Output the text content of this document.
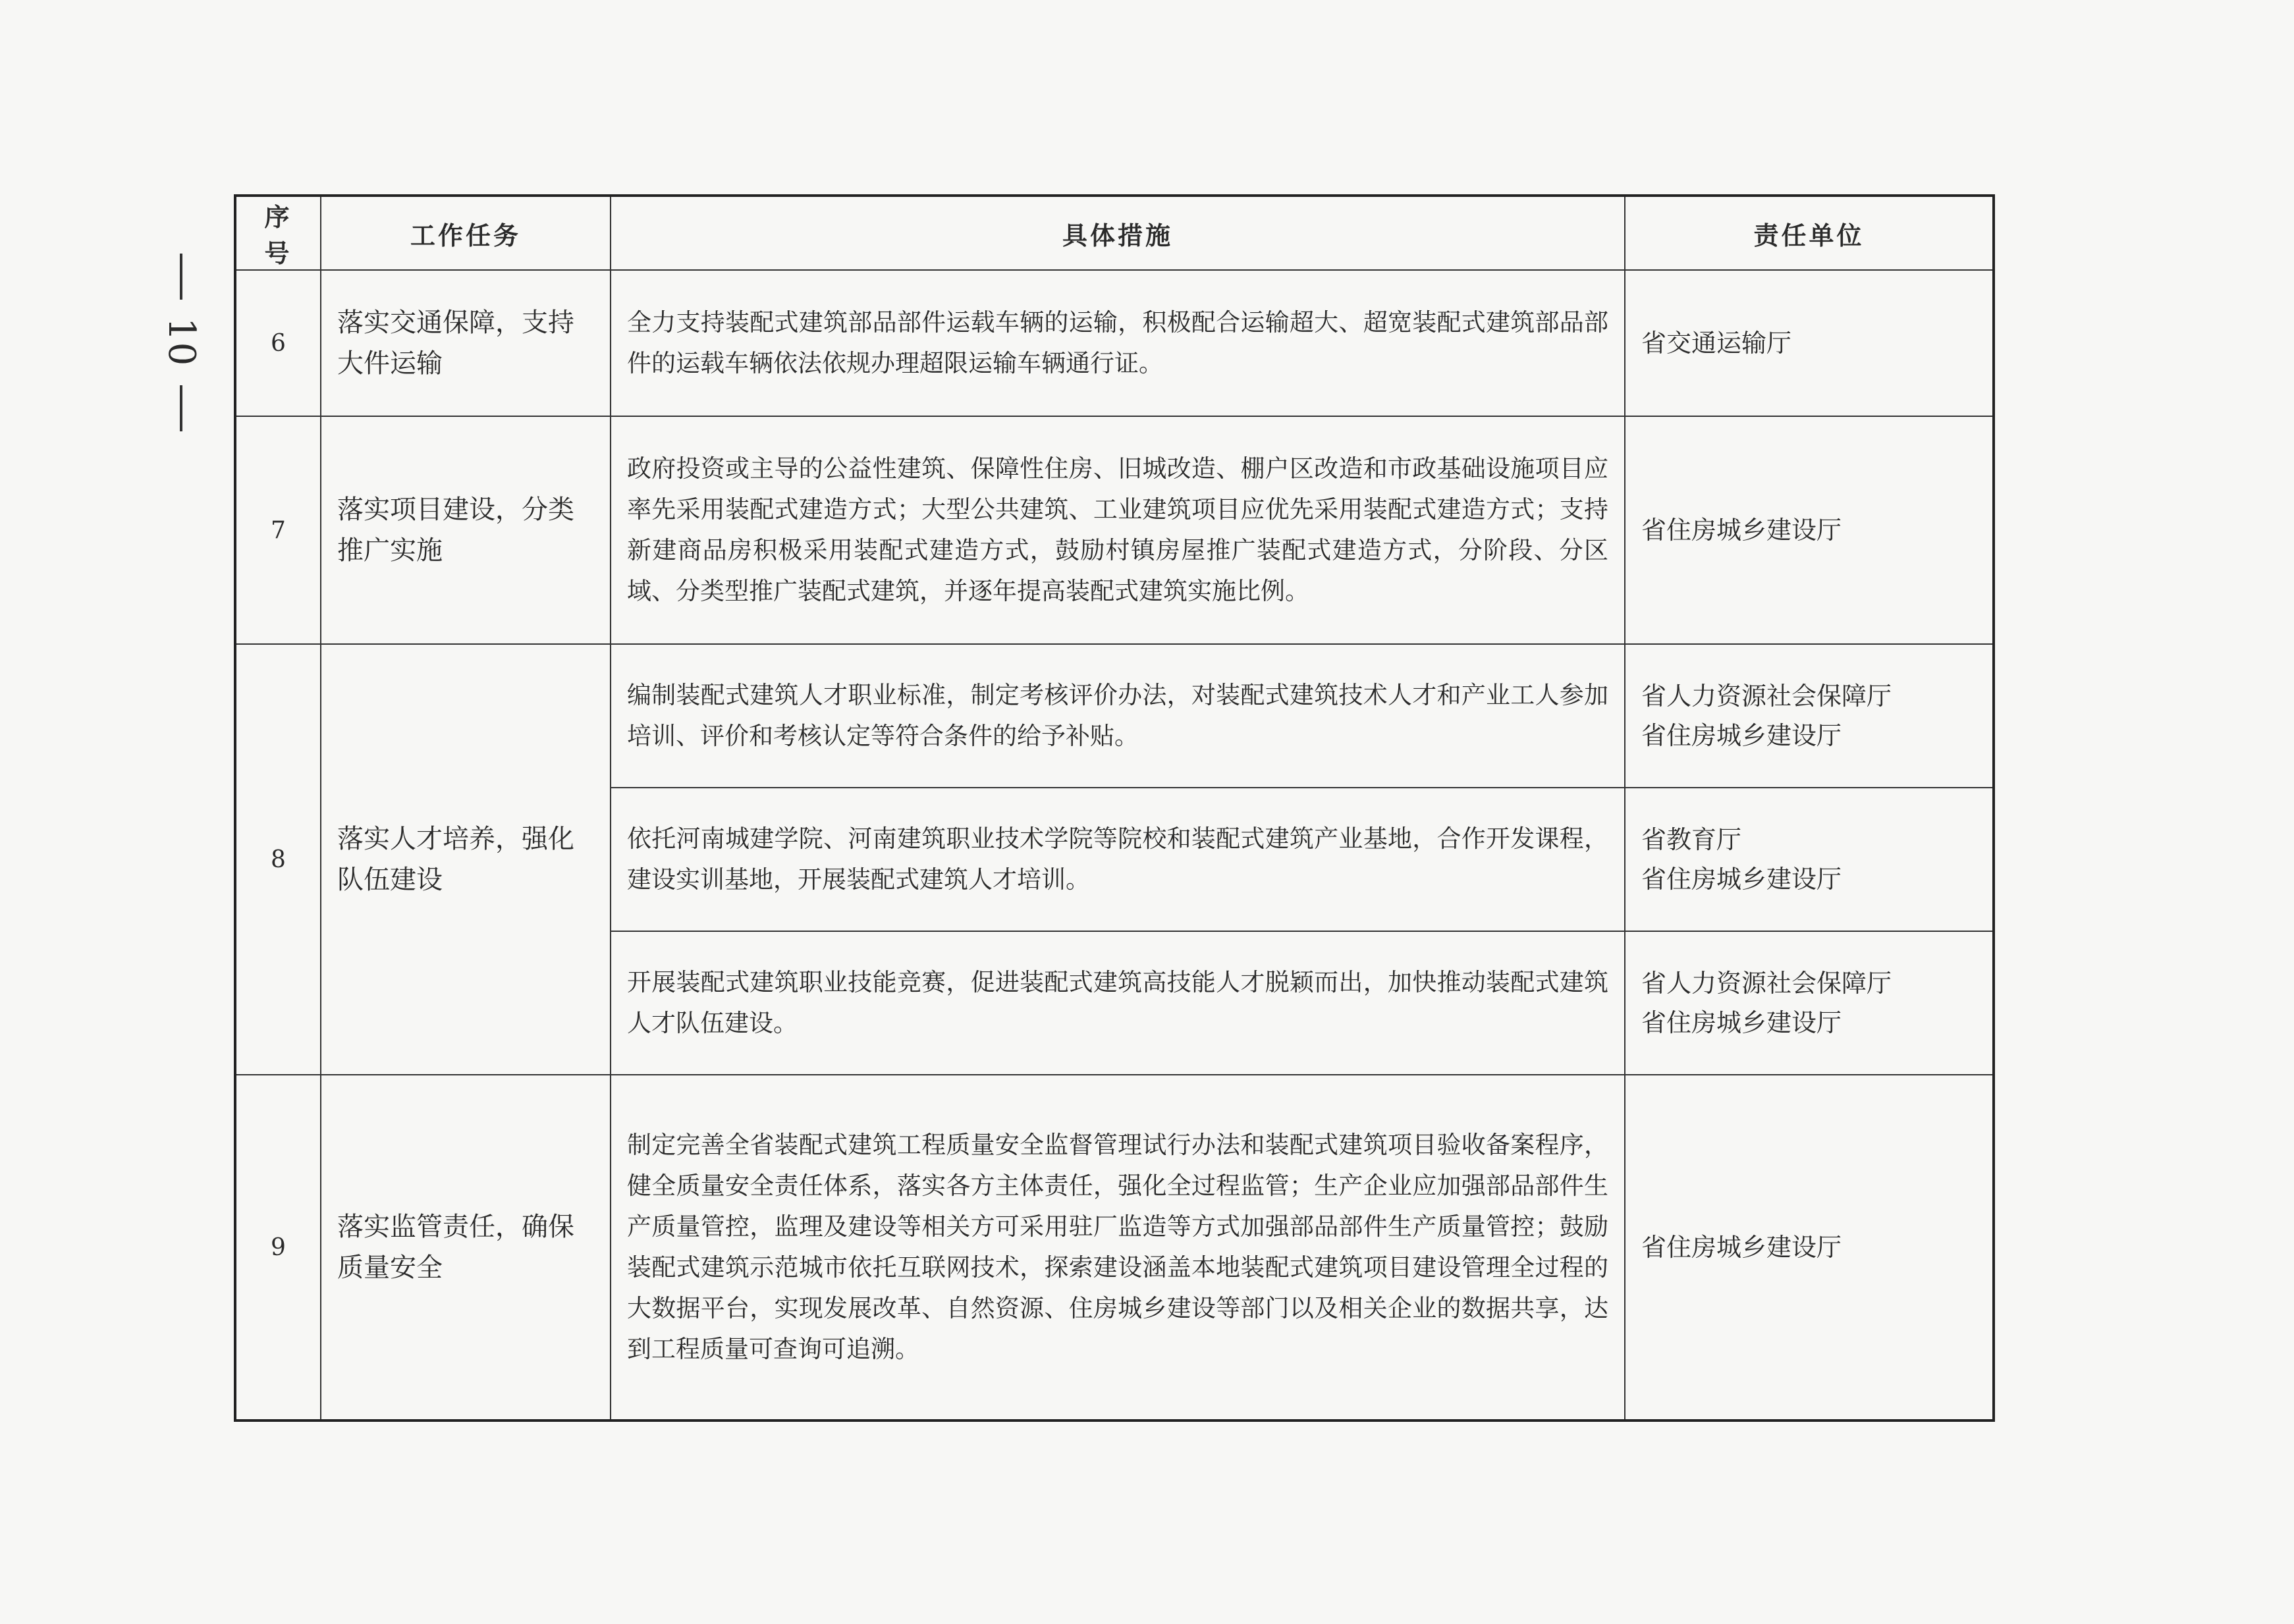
10
序号	工作任务	具体措施	责任单位
6	落实交通保障，支持大件运输	全力支持装配式建筑部品部件运载车辆的运输，积极配合运输超大、超宽装配式建筑部品部件的运载车辆依法依规办理超限运输车辆通行证。	省交通运输厅

7	落实项目建设，分类推广实施	政府投资或主导的公益性建筑、保障性住房、旧城改造、棚户区改造和市政基础设施项目应率先采用装配式建造方式；大型公共建筑、工业建筑项目应优先采用装配式建造方式；支持新建商品房积极采用装配式建造方式，鼓励村镇房屋推广装配式建造方式，分阶段、分区域、分类型推广装配式建筑，并逐年提高装配式建筑实施比例。	省住房城乡建设厅

8	落实人才培养，强化队伍建设	编制装配式建筑人才职业标准，制定考核评价办法，对装配式建筑技术人才和产业工人参加培训、评价和考核认定等符合条件的给予补贴。	省人力资源社会保障厅
省住房城乡建设厅

		依托河南城建学院、河南建筑职业技术学院等院校和装配式建筑产业基地，合作开发课程，建设实训基地，开展装配式建筑人才培训。	省教育厅
省住房城乡建设厅

		开展装配式建筑职业技能竞赛，促进装配式建筑高技能人才脱颖而出，加快推动装配式建筑人才队伍建设。	省人力资源社会保障厅
省住房城乡建设厅

9	落实监管责任，确保质量安全	制定完善全省装配式建筑工程质量安全监督管理试行办法和装配式建筑项目验收备案程序，健全质量安全责任体系，落实各方主体责任，强化全过程监管；生产企业应加强部品部件生产质量管控，监理及建设等相关方可采用驻厂监造等方式加强部品部件生产质量管控；鼓励装配式建筑示范城市依托互联网技术，探索建设涵盖本地装配式建筑项目建设管理全过程的大数据平台，实现发展改革、自然资源、住房城乡建设等部门以及相关企业的数据共享，达到工程质量可查询可追溯。	省住房城乡建设厅
